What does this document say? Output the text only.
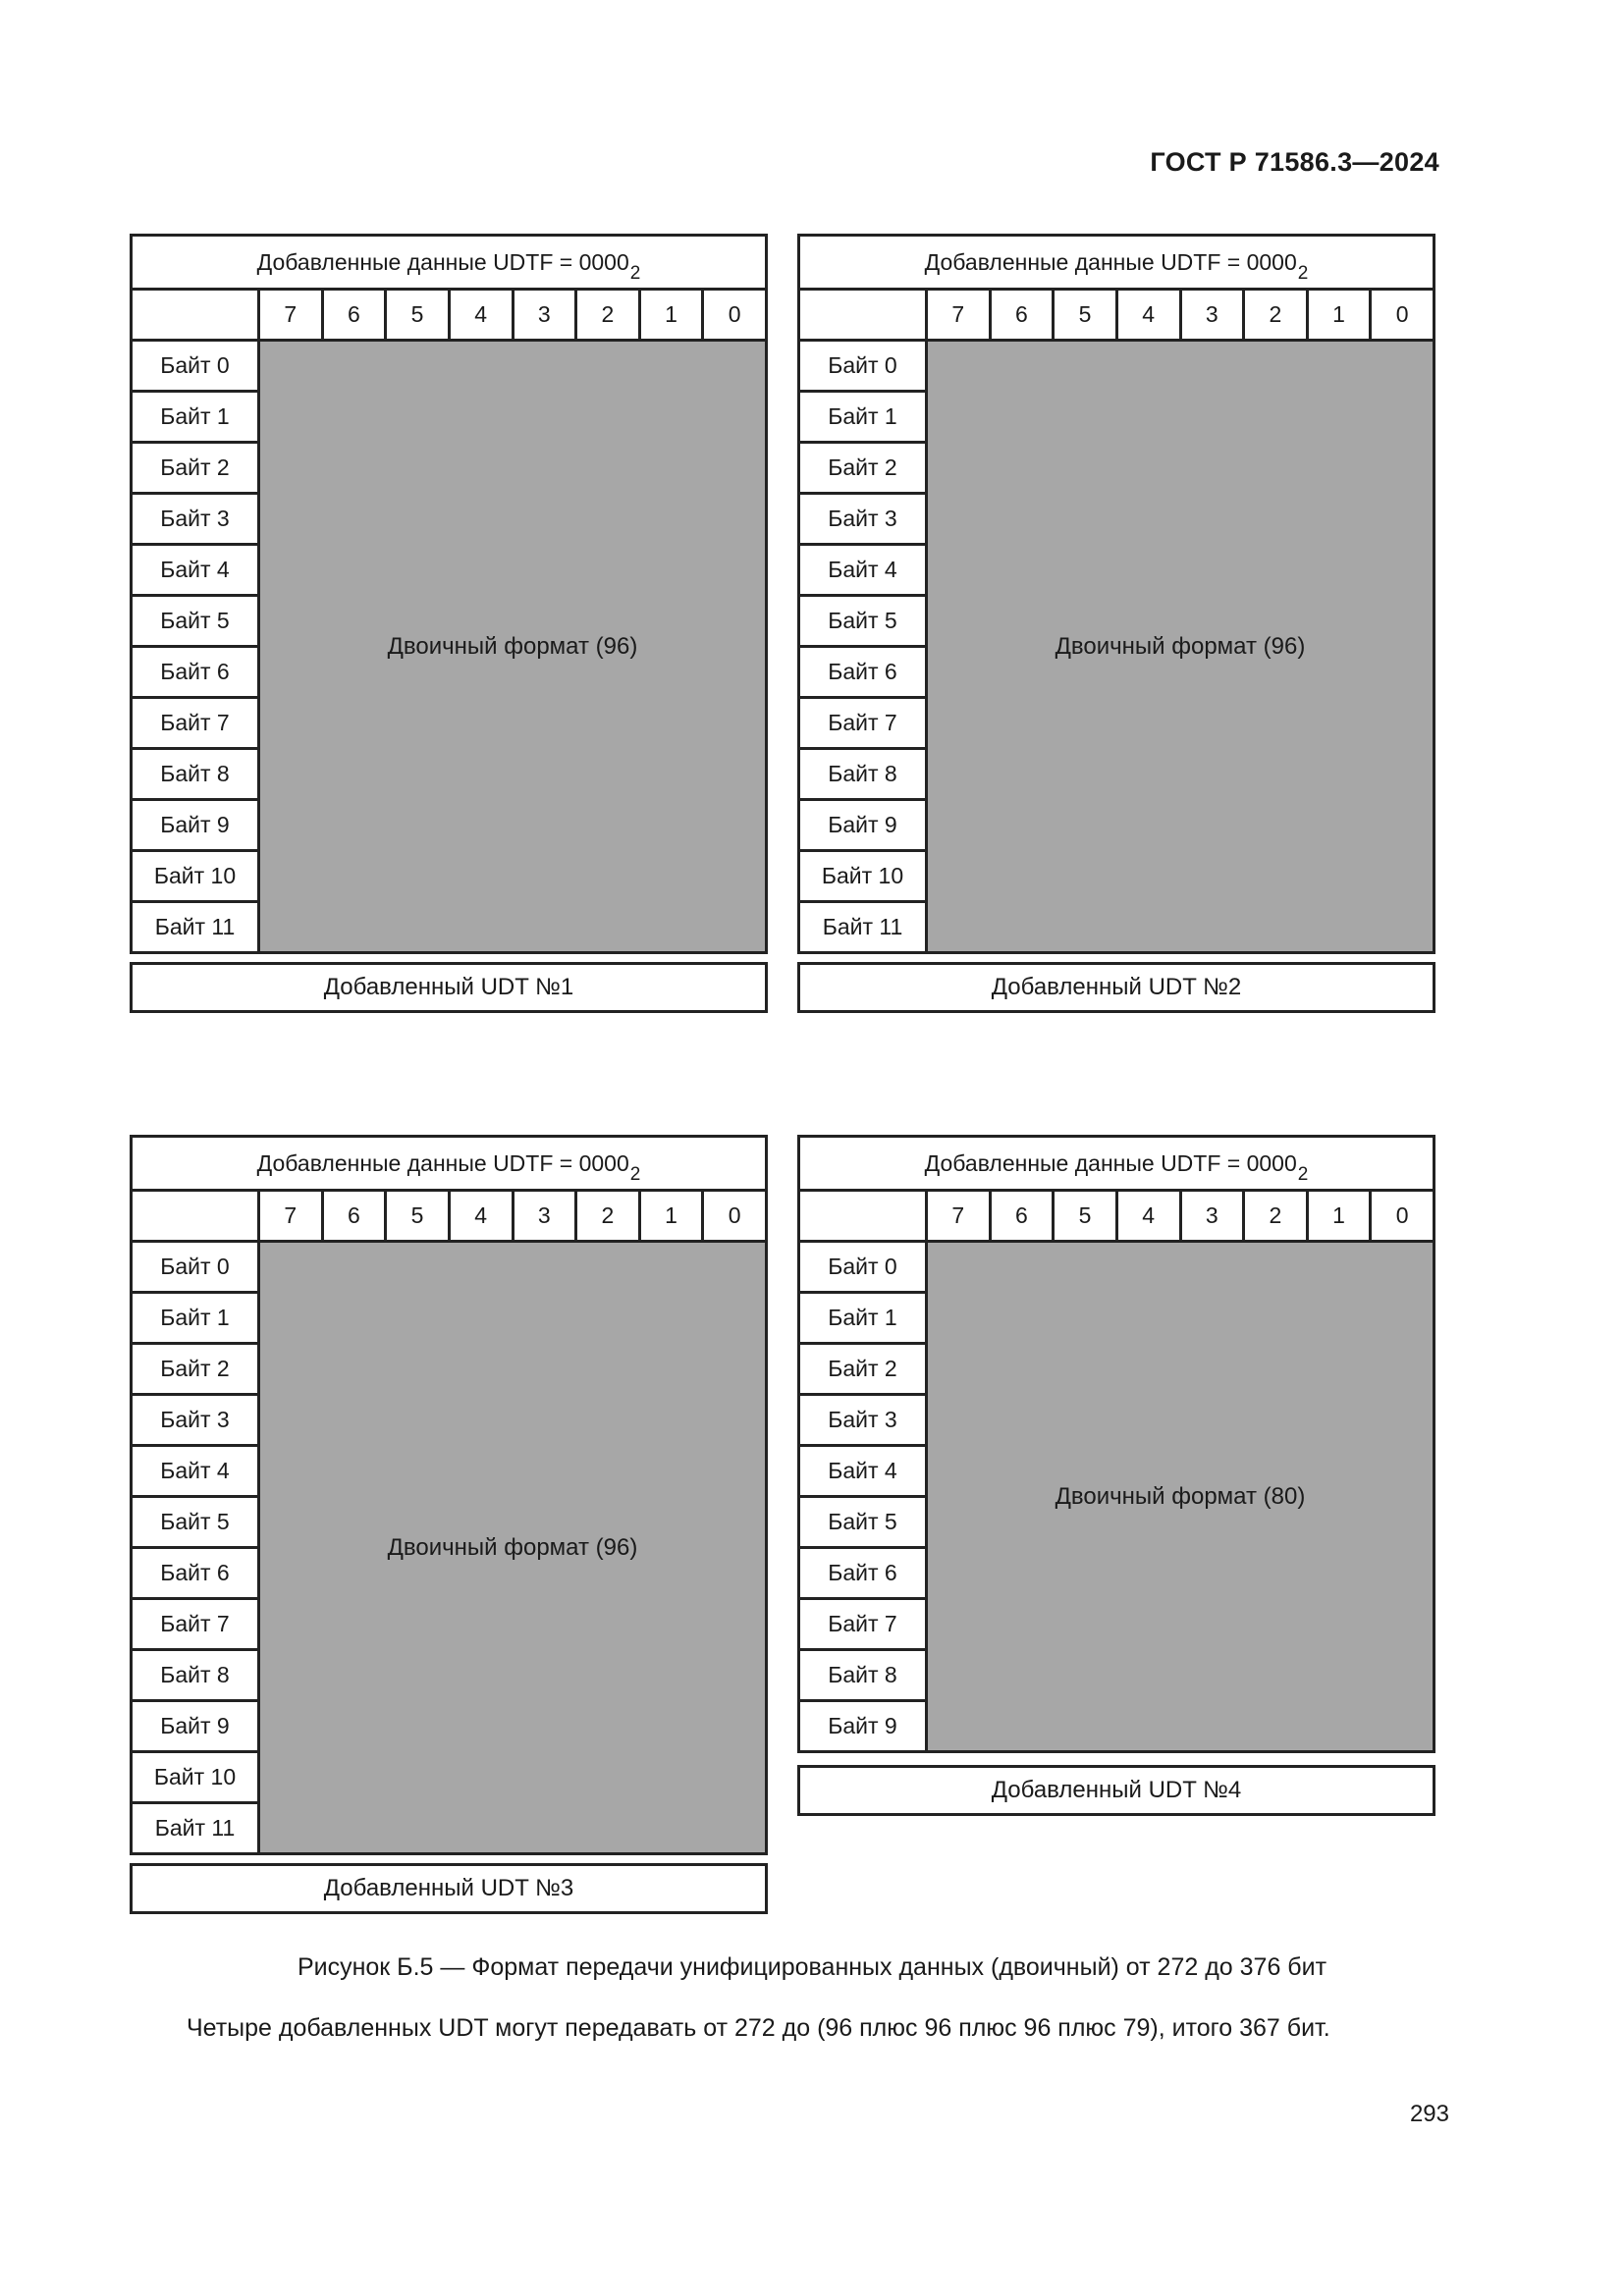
ГОСТ Р 71586.3—2024
Добавленные данные UDTF = $0000_2$
	7	6	5	4	3	2	1	0
Байт 0	Двоичный формат (96)							
Байт 1								
Байт 2								
Байт 3								
Байт 4								
Байт 5								
Байт 6								
Байт 7								
Байт 8								
Байт 9								
Байт 10								
Байт 11								
Добавленный UDT №1
Добавленные данные UDTF = $0000_2$
	7	6	5	4	3	2	1	0
Байт 0	Двоичный формат (96)							
Байт 1								
Байт 2								
Байт 3								
Байт 4								
Байт 5								
Байт 6								
Байт 7								
Байт 8								
Байт 9								
Байт 10								
Байт 11								
Добавленный UDT №2
Добавленные данные UDTF = $0000_2$
	7	6	5	4	3	2	1	0
Байт 0	Двоичный формат (96)							
Байт 1								
Байт 2								
Байт 3								
Байт 4								
Байт 5								
Байт 6								
Байт 7								
Байт 8								
Байт 9								
Байт 10								
Байт 11								
Добавленный UDT №3
Добавленные данные UDTF = $0000_2$
	7	6	5	4	3	2	1	0
Байт 0	Двоичный формат (80)							
Байт 1								
Байт 2								
Байт 3								
Байт 4								
Байт 5								
Байт 6								
Байт 7								
Байт 8								
Байт 9								
Добавленный UDT №4
Рисунок Б.5 — Формат передачи унифицированных данных (двоичный) от 272 до 376 бит
Четыре добавленных UDT могут передавать от 272 до (96 плюс 96 плюс 96 плюс 79), итого 367 бит.
293
